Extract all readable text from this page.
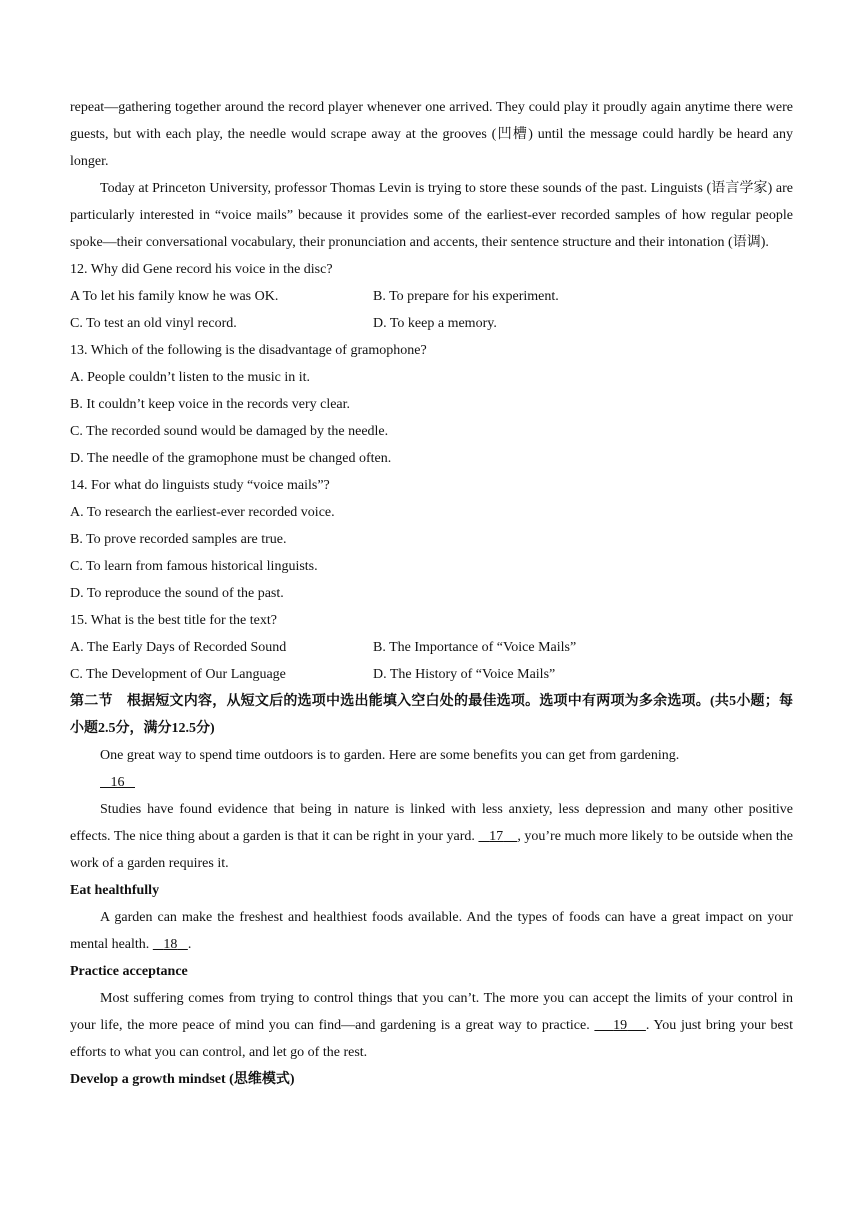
repeat—gathering together around the record player whenever one arrived. They could play it proudly again anytime there were guests, but with each play, the needle would scrape away at the grooves (凹槽) until the message could hardly be heard any longer.

Today at Princeton University, professor Thomas Levin is trying to store these sounds of the past. Linguists (语言学家) are particularly interested in “voice mails” because it provides some of the earliest-ever recorded samples of how regular people spoke—their conversational vocabulary, their pronunciation and accents, their sentence structure and their intonation (语调).

12. Why did Gene record his voice in the disc?

A To let his family know he was OK.	B. To prepare for his experiment.
C. To test an old vinyl record.	D. To keep a memory.

13. Which of the following is the disadvantage of gramophone?

A. People couldn’t listen to the music in it.

B. It couldn’t keep voice in the records very clear.

C. The recorded sound would be damaged by the needle.

D. The needle of the gramophone must be changed often.

14. For what do linguists study “voice mails”?

A. To research the earliest-ever recorded voice.

B. To prove recorded samples are true.

C. To learn from famous historical linguists.

D. To reproduce the sound of the past.

15. What is the best title for the text?

A. The Early Days of Recorded Sound	B. The Importance of “Voice Mails”
C. The Development of Our Language	D. The History of “Voice Mails”

第二节　根据短文内容，从短文后的选项中选出能填入空白处的最佳选项。选项中有两项为多余选项。(共5小题；每小题2.5分，满分12.5分)

One great way to spend time outdoors is to garden. Here are some benefits you can get from gardening.

16

Studies have found evidence that being in nature is linked with less anxiety, less depression and many other positive effects. The nice thing about a garden is that it can be right in your yard. 17 , you’re much more likely to be outside when the work of a garden requires it.

Eat healthfully

A garden can make the freshest and healthiest foods available. And the types of foods can have a great impact on your mental health. 18 .

Practice acceptance

Most suffering comes from trying to control things that you can’t. The more you can accept the limits of your control in your life, the more peace of mind you can find—and gardening is a great way to practice. 19 . You just bring your best efforts to what you can control, and let go of the rest.

Develop a growth mindset (思维模式)
